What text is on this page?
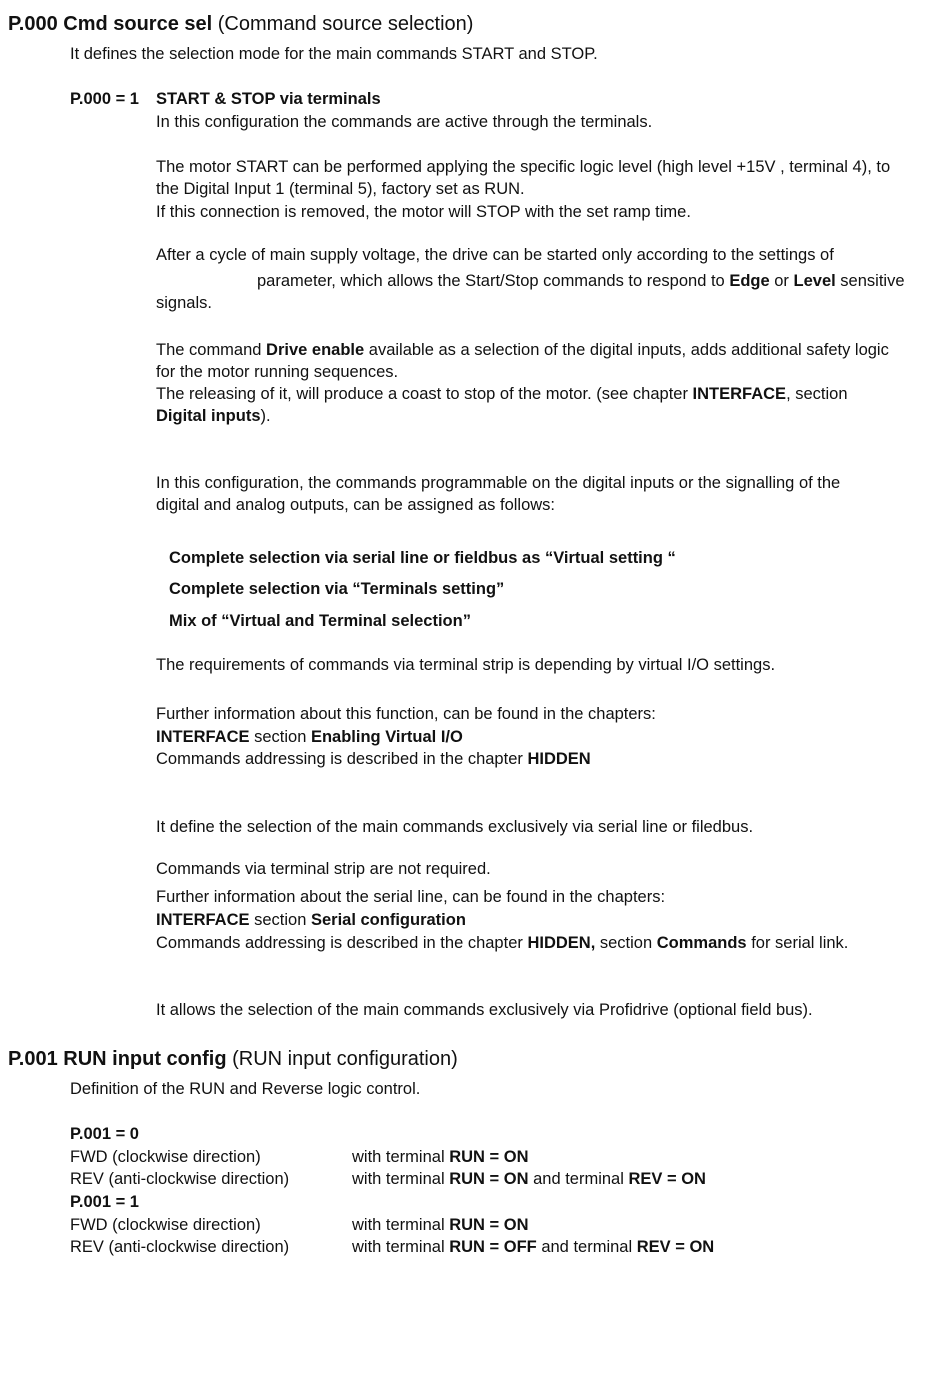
P.000 Cmd source sel (Command source selection)
It defines the selection mode for the main commands START and STOP.
P.000 = 1 START & STOP via terminals
In this configuration the commands are active through the terminals.
The motor START can be performed applying the specific logic level (high level +15V , terminal 4), to
the Digital Input 1 (terminal 5), factory set as RUN.
If this connection is removed, the motor will STOP with the set ramp time.
After a cycle of main supply voltage, the drive can be started only according to the settings of
parameter, which allows the Start/Stop commands to respond to Edge or Level sensitive
signals.
The command Drive enable available as a selection of the digital inputs, adds additional safety logic
for the motor running sequences.
The releasing of it, will produce a coast to stop of the motor. (see chapter INTERFACE, section
Digital inputs).
In this configuration, the commands programmable on the digital inputs or the signalling of the
digital and analog outputs, can be assigned as follows:
Complete selection via serial line or fieldbus as “Virtual setting “
Complete selection via “Terminals setting”
Mix of “Virtual and Terminal selection”
The requirements of commands via terminal strip is depending by virtual I/O settings.
Further information about this function, can be found in the chapters:
INTERFACE section Enabling Virtual I/O
Commands addressing is described in the chapter HIDDEN
It define the selection of the main commands exclusively via serial line or filedbus.
Commands via terminal strip are not required.
Further information about the serial line, can be found in the chapters:
INTERFACE section Serial configuration
Commands addressing is described in the chapter HIDDEN, section Commands for serial link.
It allows the selection of the main commands exclusively via Profidrive (optional field bus).
P.001 RUN input config (RUN input configuration)
Definition of the RUN and Reverse logic control.
P.001 = 0
FWD (clockwise direction)	with terminal RUN = ON
REV (anti-clockwise direction)	with terminal RUN = ON and terminal REV = ON
P.001 = 1
FWD (clockwise direction)	with terminal RUN = ON
REV (anti-clockwise direction)	with terminal RUN = OFF and terminal REV = ON
